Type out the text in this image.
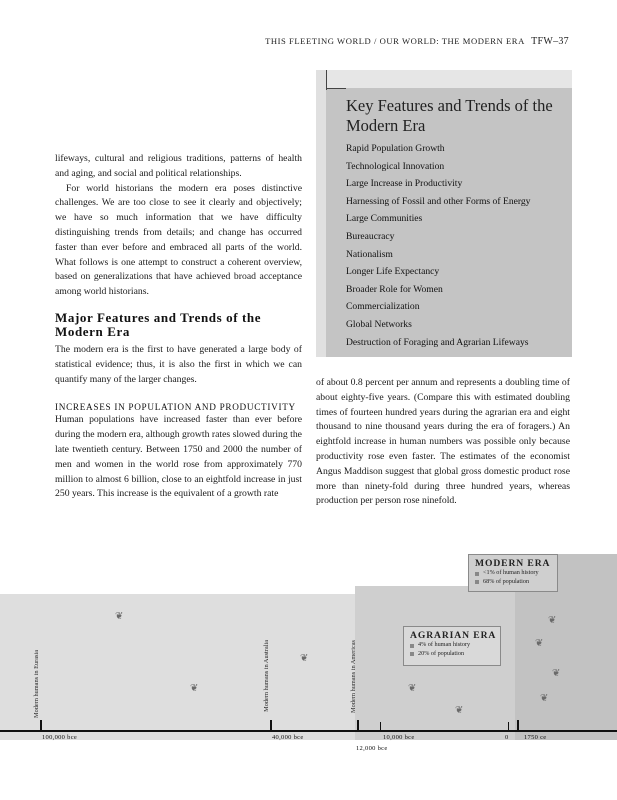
THIS FLEETING WORLD / OUR WORLD: THE MODERN ERA TFW–37
Key Features and Trends of the Modern Era
Rapid Population Growth
Technological Innovation
Large Increase in Productivity
Harnessing of Fossil and other Forms of Energy
Large Communities
Bureaucracy
Nationalism
Longer Life Expectancy
Broader Role for Women
Commercialization
Global Networks
Destruction of Foraging and Agrarian Lifeways

lifeways, cultural and religious traditions, patterns of health and aging, and social and political relationships.

For world historians the modern era poses distinctive challenges. We are too close to see it clearly and objectively; we have so much information that we have difficulty distinguishing trends from details; and change has occurred faster than ever before and embraced all parts of the world. What follows is one attempt to construct a coherent overview, based on generalizations that have achieved broad acceptance among world historians.

Major Features and Trends of the Modern Era

The modern era is the first to have generated a large body of statistical evidence; thus, it is also the first in which we can quantify many of the larger changes.

INCREASES IN POPULATION AND PRODUCTIVITY

Human populations have increased faster than ever before during the modern era, although growth rates slowed during the late twentieth century. Between 1750 and 2000 the number of men and women in the world rose from approximately 770 million to almost 6 billion, close to an eightfold increase in just 250 years. This increase is the equivalent of a growth rate

of about 0.8 percent per annum and represents a doubling time of about eighty-five years. (Compare this with estimated doubling times of fourteen hundred years during the agrarian era and eight thousand to nine thousand years during the era of foragers.) An eightfold increase in human numbers was possible only because productivity rose even faster. The estimates of the economist Angus Maddison suggest that global gross domestic product rose more than ninety-fold during three hundred years, whereas production per person rose ninefold.

❦
❦
❦
❦
❦
❦
❦
❦
❦
MODERN ERA
<1% of human history
68% of population
AGRARIAN ERA
4% of human history
20% of population
Modern humans in Eurasia	Modern humans in Australia	Modern humans in Americas
100,000 bce	40,000 bce	10,000 bce
12,000 bce
0 1750 ce
